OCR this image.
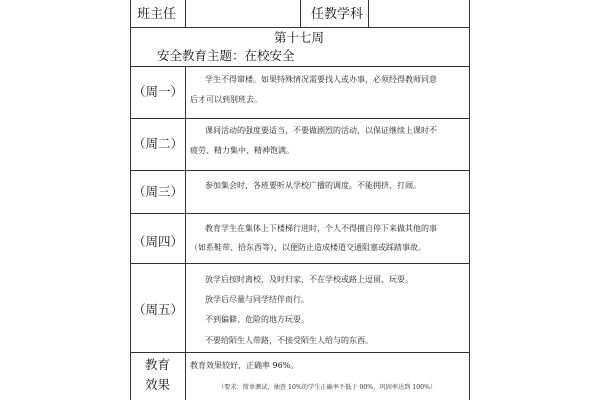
班主任	任教学科
第十七周
安全教育主题：在校安全
（周一）
学生不得窜楼。如果特殊情况需要找人或办事，必须经得教师同意
后才可以到别班去。
（周二）
课间活动的强度要适当，不要做剧烈的活动，以保证继续上课时不
疲劳、精力集中、精神饱满。
（周三）	参加集会时，各班要听从学校广播的调度。不能拥挤、打闹。
（周四）
教育学生在集体上下楼梯行进时，个人不得擅自停下来做其他的事
（如系鞋带、拾东西等），以便防止造成楼道交通阻塞或踩踏事故。
（周五）
放学后按时离校，及时归家，不在学校或路上逗留、玩耍。
放学后尽量与同学结伴而行。
不到偏僻、危险的地方玩耍。
不要给陌生人带路，不接受陌生人给与的东西。
教育
效果
教育效果较好，正确率 96%。
（要求：简单测试，抽查 10%的学生正确率不低于 90%，巩固率达到 100%）
